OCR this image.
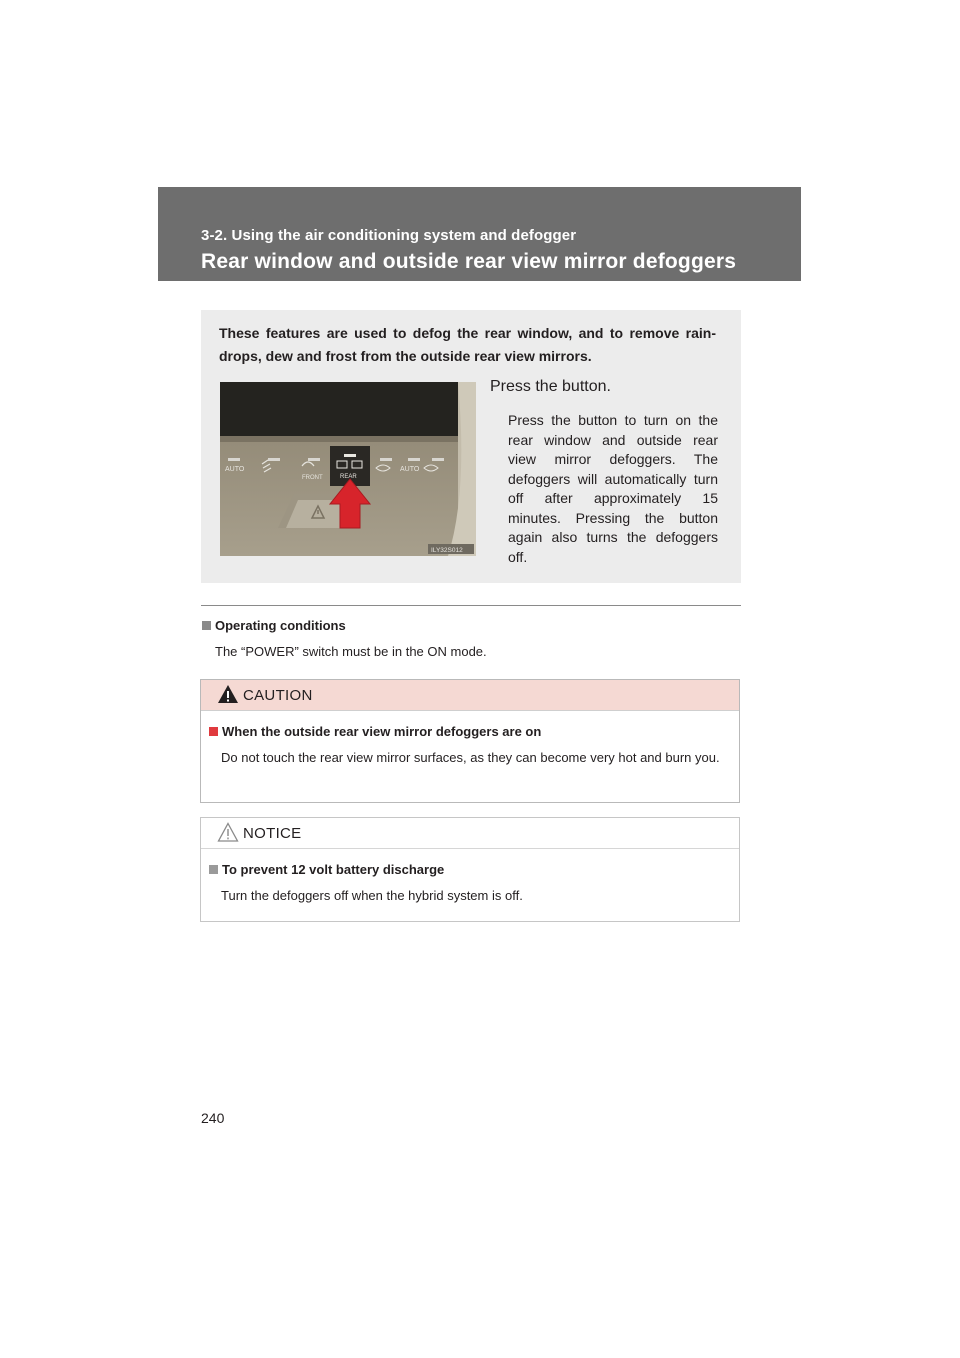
3-2. Using the air conditioning system and defogger
Rear window and outside rear view mirror defoggers

These features are used to defog the rear window, and to remove rain-drops, dew and frost from the outside rear view mirrors.

AUTO
FRONT	REAR
AUTO
ILY32S012
Press the button.

Press the button to turn on the rear window and outside rear view mirror defoggers. The defoggers will automatically turn off after approximately 15 minutes. Pressing the button again also turns the defoggers off.

Operating conditions
The “POWER” switch must be in the ON mode.
CAUTION
When the outside rear view mirror defoggers are on

Do not touch the rear view mirror surfaces, as they can become very hot and burn you.

NOTICE
To prevent 12 volt battery discharge

Turn the defoggers off when the hybrid system is off.

240
